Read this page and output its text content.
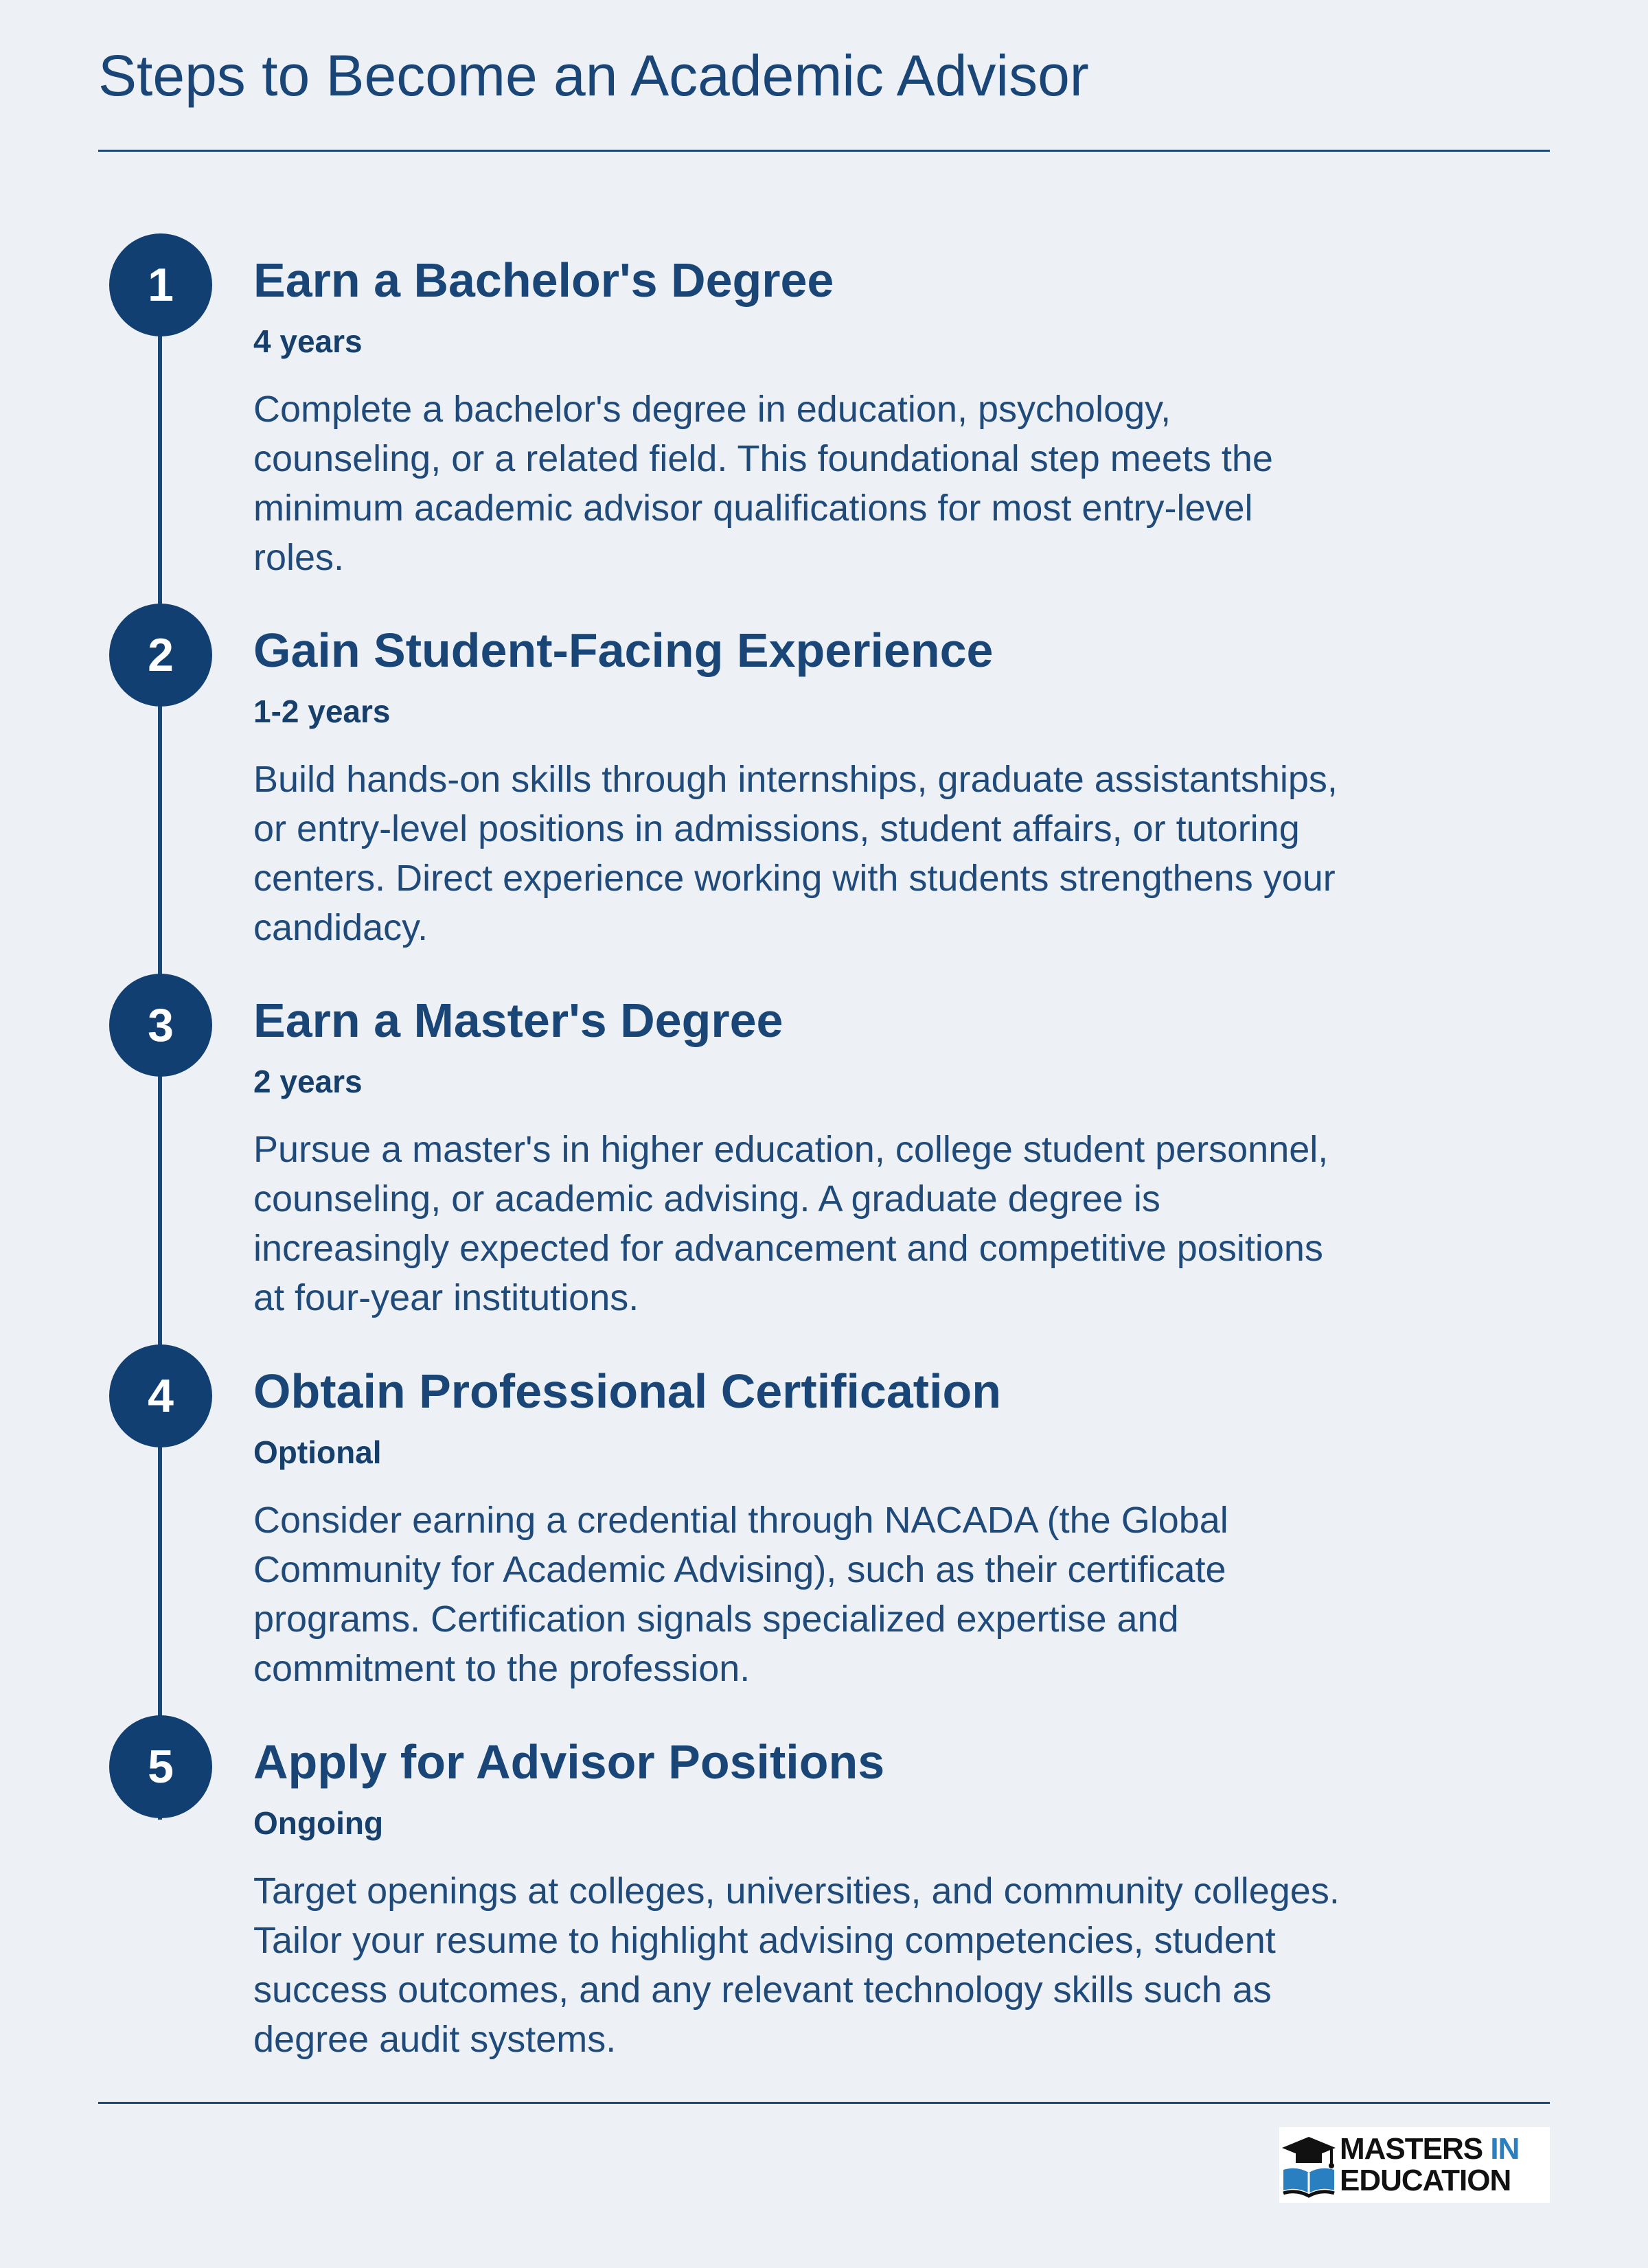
Steps to Become an Academic Advisor
1	Earn a Bachelor's Degree
4 years

Complete a bachelor's degree in education, psychology, counseling, or a related field. This foundational step meets the minimum academic advisor qualifications for most entry-level roles.

2	Gain Student-Facing Experience
1-2 years

Build hands-on skills through internships, graduate assistantships, or entry-level positions in admissions, student affairs, or tutoring centers. Direct experience working with students strengthens your candidacy.

3	Earn a Master's Degree
2 years

Pursue a master's in higher education, college student personnel, counseling, or academic advising. A graduate degree is increasingly expected for advancement and competitive positions at four-year institutions.

4	Obtain Professional Certification
Optional

Consider earning a credential through NACADA (the Global Community for Academic Advising), such as their certificate programs. Certification signals specialized expertise and commitment to the profession.

5	Apply for Advisor Positions
Ongoing

Target openings at colleges, universities, and community colleges. Tailor your resume to highlight advising competencies, student success outcomes, and any relevant technology skills such as degree audit systems.

MASTERS IN
EDUCATION
